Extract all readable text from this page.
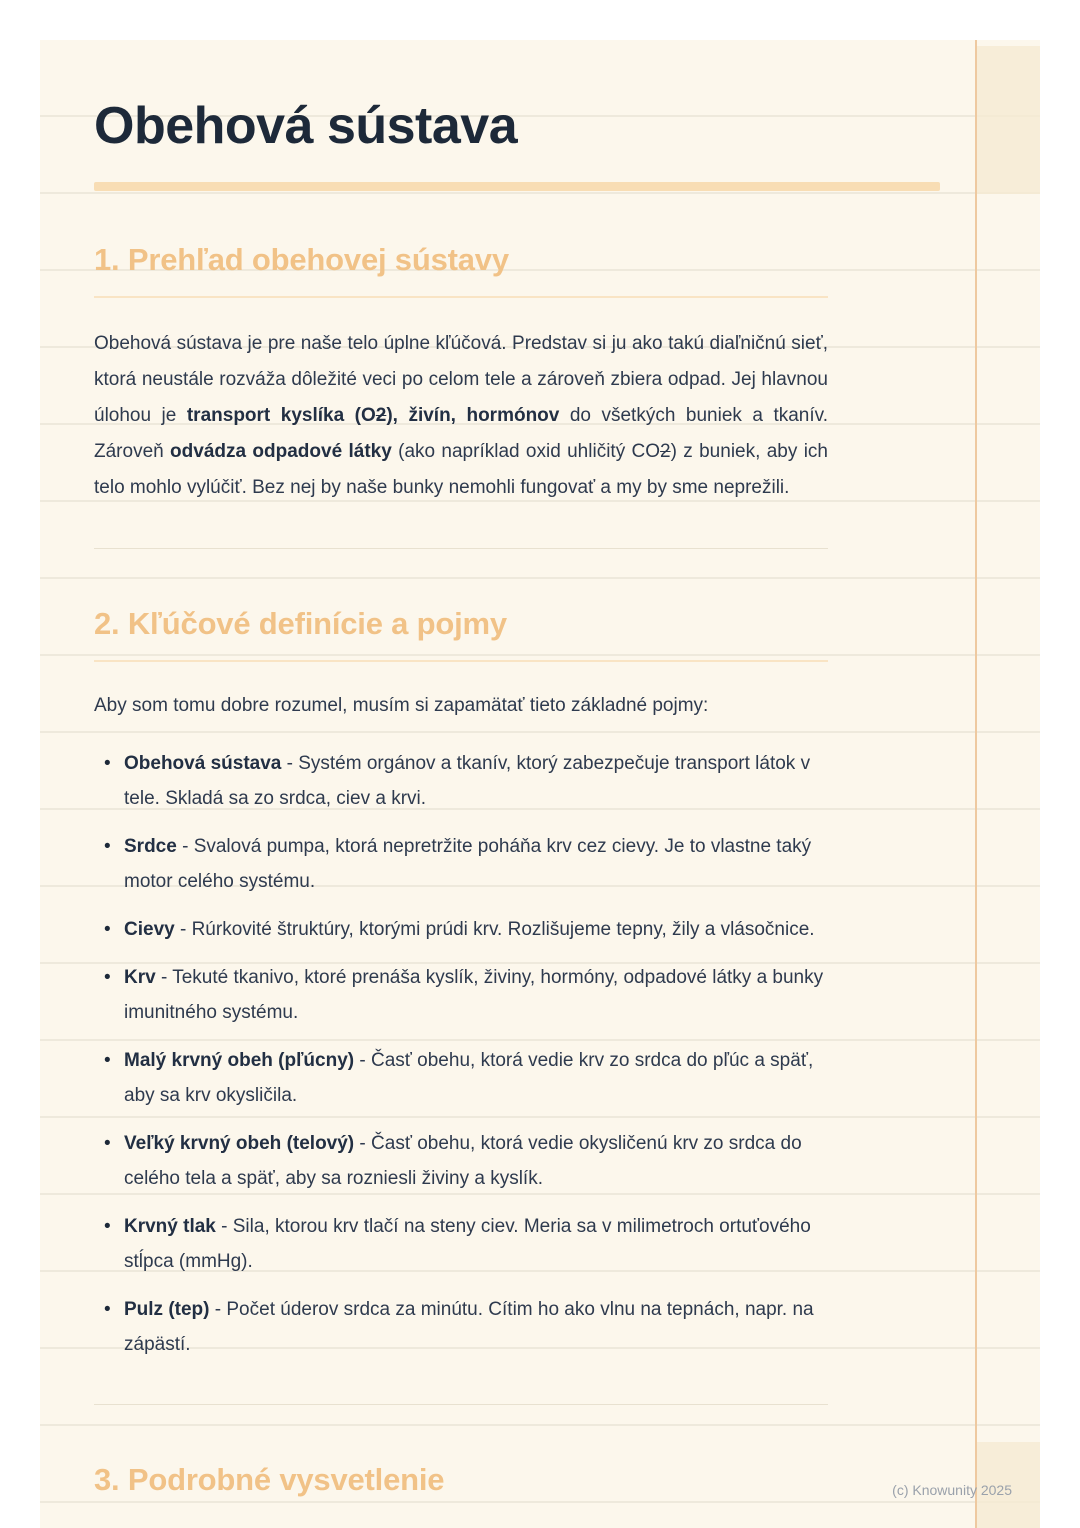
Obehová sústava
1. Prehľad obehovej sústavy

Obehová sústava je pre naše telo úplne kľúčová. Predstav si ju ako takú diaľničnú sieť, ktorá neustále rozváža dôležité veci po celom tele a zároveň zbiera odpad. Jej hlavnou úlohou je transport kyslíka (O2), živín, hormónov do všetkých buniek a tkanív. Zároveň odvádza odpadové látky (ako napríklad oxid uhličitý CO2) z buniek, aby ich telo mohlo vylúčiť. Bez nej by naše bunky nemohli fungovať a my by sme neprežili.

2. Kľúčové definície a pojmy

Aby som tomu dobre rozumel, musím si zapamätať tieto základné pojmy:

• Obehová sústava - Systém orgánov a tkanív, ktorý zabezpečuje transport látok v tele. Skladá sa zo srdca, ciev a krvi.
• Srdce - Svalová pumpa, ktorá nepretržite poháňa krv cez cievy. Je to vlastne taký motor celého systému.
• Cievy - Rúrkovité štruktúry, ktorými prúdi krv. Rozlišujeme tepny, žily a vlásočnice.
• Krv - Tekuté tkanivo, ktoré prenáša kyslík, živiny, hormóny, odpadové látky a bunky imunitného systému.
• Malý krvný obeh (pľúcny) - Časť obehu, ktorá vedie krv zo srdca do pľúc a späť, aby sa krv okysličila.
• Veľký krvný obeh (telový) - Časť obehu, ktorá vedie okysličenú krv zo srdca do celého tela a späť, aby sa rozniesli živiny a kyslík.
• Krvný tlak - Sila, ktorou krv tlačí na steny ciev. Meria sa v milimetroch ortuťového stĺpca (mmHg).
• Pulz (tep) - Počet úderov srdca za minútu. Cítim ho ako vlnu na tepnách, napr. na zápästí.
3. Podrobné vysvetlenie	(c) Knowunity 2025
